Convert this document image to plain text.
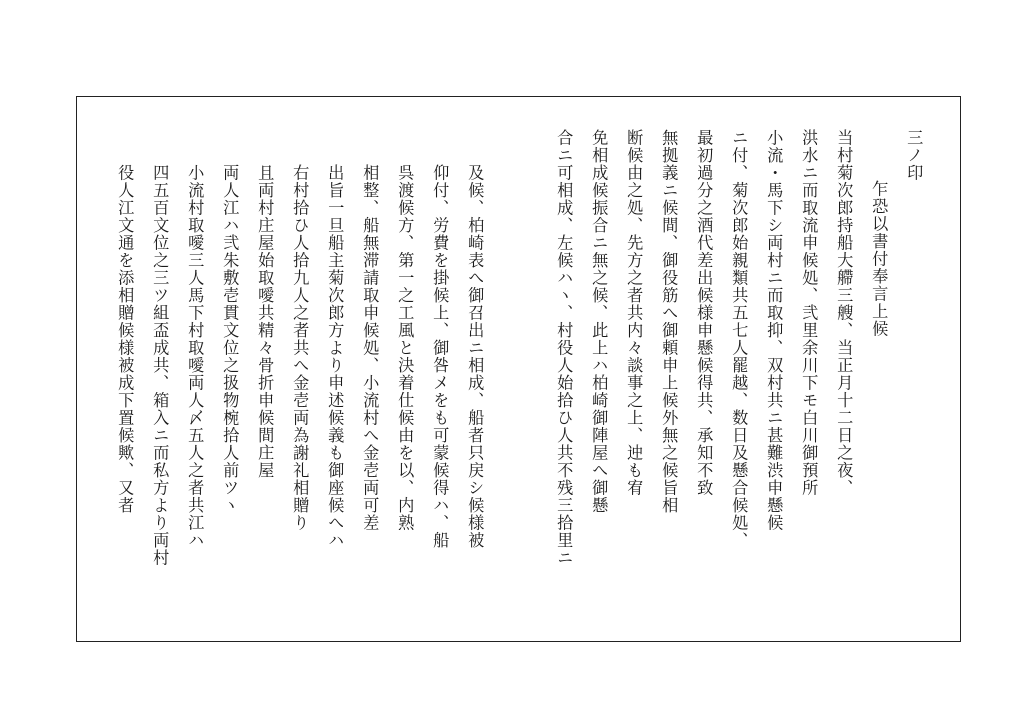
三ノ印
乍恐以書付奉言上候
当村菊次郎持船大艜三艘、当正月十二日之夜、
洪水ニ而取流申候処、弐里余川下モ白川御預所
小流・馬下シ両村ニ而取抑、双村共ニ甚難渋申懸候
ニ付、菊次郎始親類共五七人罷越、数日及懸合候処、
最初過分之酒代差出候様申懸候得共、承知不致
無拠義ニ候間、御役筋へ御頼申上候外無之候旨相
断候由之処、先方之者共内々談事之上、迚も宥
免相成候振合ニ無之候、此上ハ柏崎御陣屋へ御懸
合ニ可相成、左候ハヽ、村役人始拾ひ人共不残三拾里ニ
及候、柏崎表へ御召出ニ相成、船者只戻シ候様被
仰付、労費を掛候上、御咎メをも可蒙候得ハ、船
呉渡候方、第一之工風と決着仕候由を以、内熟
相整、船無滞請取申候処、小流村へ金壱両可差
出旨一旦船主菊次郎方より申述候義も御座候へハ
右村拾ひ人拾九人之者共へ金壱両為謝礼相贈り
且両村庄屋始取噯共精々骨折申候間庄屋
両人江ハ弐朱敷壱貫文位之扱物椀拾人前ツヽ
小流村取噯三人馬下村取噯両人〆五人之者共江ハ
四五百文位之三ツ組盃成共、箱入ニ而私方より両村
役人江文通を添相贈候様被成下置候歟、又者
